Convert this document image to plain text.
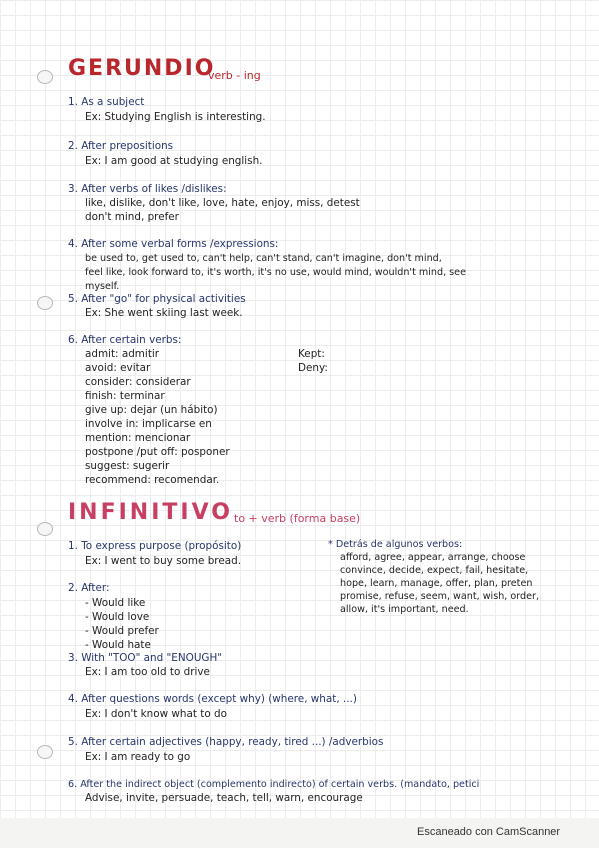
GERUNDIO
verb - ing
1. As a subject
Ex: Studying English is interesting.
2. After prepositions
Ex: I am good at studying english.
3. After verbs of likes /dislikes:
like, dislike, don't like, love, hate, enjoy, miss, detest
don't mind, prefer
4. After some verbal forms /expressions:
be used to, get used to, can't help, can't stand, can't imagine, don't mind,
feel like, look forward to, it's worth, it's no use, would mind, wouldn't mind, see
myself.
5. After "go" for physical activities
Ex: She went skiing last week.
6. After certain verbs:
admit: admitir
avoid: evitar
consider: considerar
finish: terminar
give up: dejar (un hábito)
involve in: implicarse en
mention: mencionar
postpone /put off: posponer
suggest: sugerir
recommend: recomendar.
Kept:
Deny:
INFINITIVO to + verb (forma base)
1. To express purpose (propósito)
Ex: I went to buy some bread.
2. After:
- Would like
- Would love
- Would prefer
- Would hate
3. With "TOO" and "ENOUGH"
Ex: I am too old to drive
4. After questions words (except why) (where, what, ...)
Ex: I don't know what to do
5. After certain adjectives (happy, ready, tired ...) /adverbios
Ex: I am ready to go
6. After the indirect object (complemento indirecto) of certain verbs. (mandato, petici
Advise, invite, persuade, teach, tell, warn, encourage
* Detrás de algunos verbos:
afford, agree, appear, arrange, choose
convince, decide, expect, fail, hesitate,
hope, learn, manage, offer, plan, preten
promise, refuse, seem, want, wish, order,
allow, it's important, need.
Escaneado con CamScanner
